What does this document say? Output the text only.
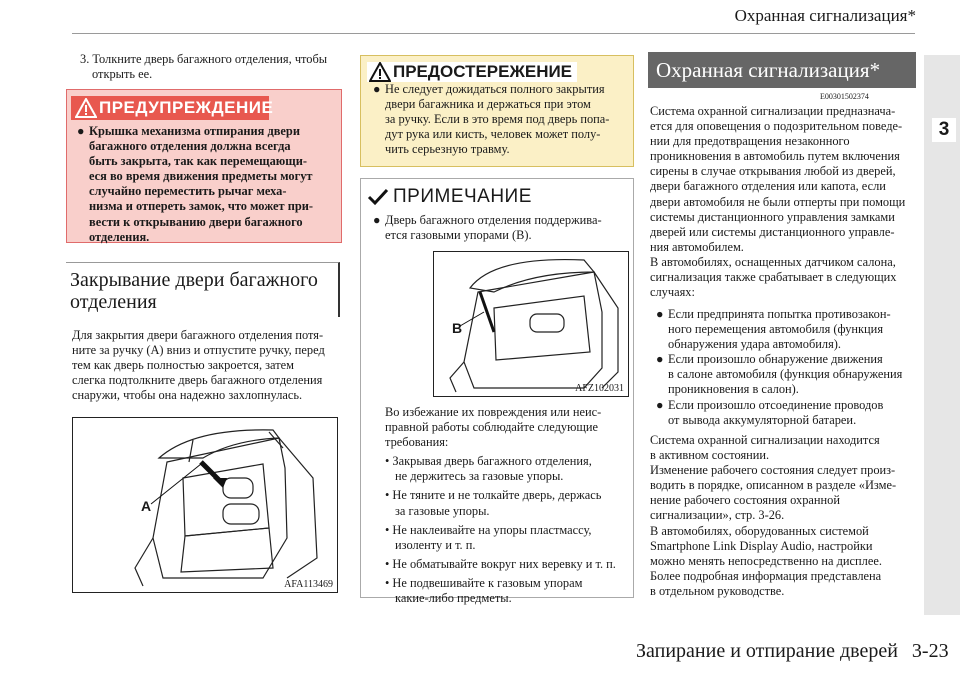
Охранная сигнализация*
3
3. Толкните дверь багажного отделения, чтобы
открыть ее.
ПРЕДУПРЕЖДЕНИЕ
● Крышка механизма отпирания двери
багажного отделения должна всегда
быть закрыта, так как перемещающи-
еся во время движения предметы могут
случайно переместить рычаг меха-
низма и отпереть замок, что может при-
вести к открыванию двери багажного
отделения.
Закрывание двери багажного
отделения
Для закрытия двери багажного отделения потя-
ните за ручку (A) вниз и отпустите ручку, перед
тем как дверь полностью закроется, затем
слегка подтолкните дверь багажного отделения
снаружи, чтобы она надежно захлопнулась.
A
AFA113469
ПРЕДОСТЕРЕЖЕНИЕ
● Не следует дожидаться полного закрытия
двери багажника и держаться при этом
за ручку. Если в это время под дверь попа-
дут рука или кисть, человек может полу-
чить серьезную травму.
ПРИМЕЧАНИЕ
● Дверь багажного отделения поддержива-
ется газовыми упорами (B).
B
AFZ102031
Во избежание их повреждения или неис-
правной работы соблюдайте следующие
требования:
• Закрывая дверь багажного отделения,
не держитесь за газовые упоры.
• Не тяните и не толкайте дверь, держась
за газовые упоры.
• Не наклеивайте на упоры пластмассу,
изоленту и т. п.
• Не обматывайте вокруг них веревку и т. п.
• Не подвешивайте к газовым упорам
какие-либо предметы.
Охранная сигнализация*
E00301502374
Система охранной сигнализации предназнача-
ется для оповещения о подозрительном поведе-
нии для предотвращения незаконного
проникновения в автомобиль путем включения
сирены в случае открывания любой из дверей,
двери багажного отделения или капота, если
двери автомобиля не были отперты при помощи
системы дистанционного управления замками
дверей или системы дистанционного управле-
ния автомобилем.
В автомобилях, оснащенных датчиком салона,
сигнализация также срабатывает в следующих
случаях:
● Если предпринята попытка противозакон-
ного перемещения автомобиля (функция
обнаружения удара автомобиля).
● Если произошло обнаружение движения
в салоне автомобиля (функция обнаружения
проникновения в салон).
● Если произошло отсоединение проводов
от вывода аккумуляторной батареи.
Система охранной сигнализации находится
в активном состоянии.
Изменение рабочего состояния следует произ-
водить в порядке, описанном в разделе «Изме-
нение рабочего состояния охранной
сигнализации», стр. 3-26.
В автомобилях, оборудованных системой
Smartphone Link Display Audio, настройки
можно менять непосредственно на дисплее.
Более подробная информация представлена
в отдельном руководстве.
Запирание и отпирание дверей 3-23
